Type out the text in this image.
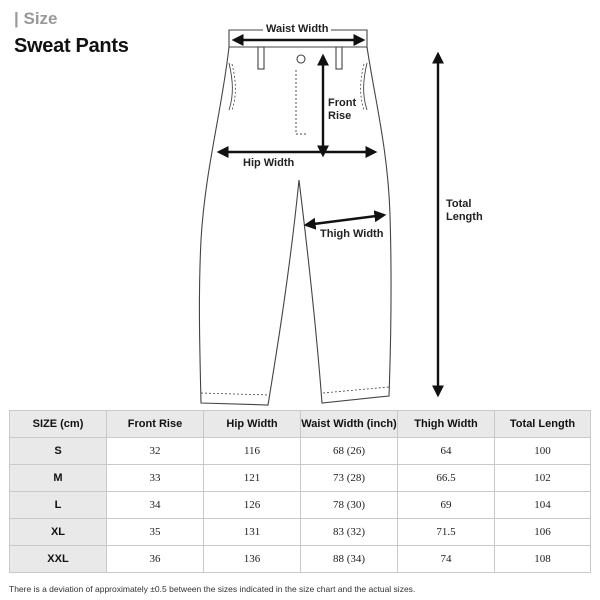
| Size
Sweat Pants
Waist Width
Front
Rise
Hip Width
Thigh Width
Total
Length
SIZE (cm)	Front Rise	Hip Width	Waist Width (inch)	Thigh Width	Total Length
S	32	116	68 (26)	64	100
M	33	121	73 (28)	66.5	102
L	34	126	78 (30)	69	104
XL	35	131	83 (32)	71.5	106
XXL	36	136	88 (34)	74	108
There is a deviation of approximately ±0.5 between the sizes indicated in the size chart and the actual sizes.
